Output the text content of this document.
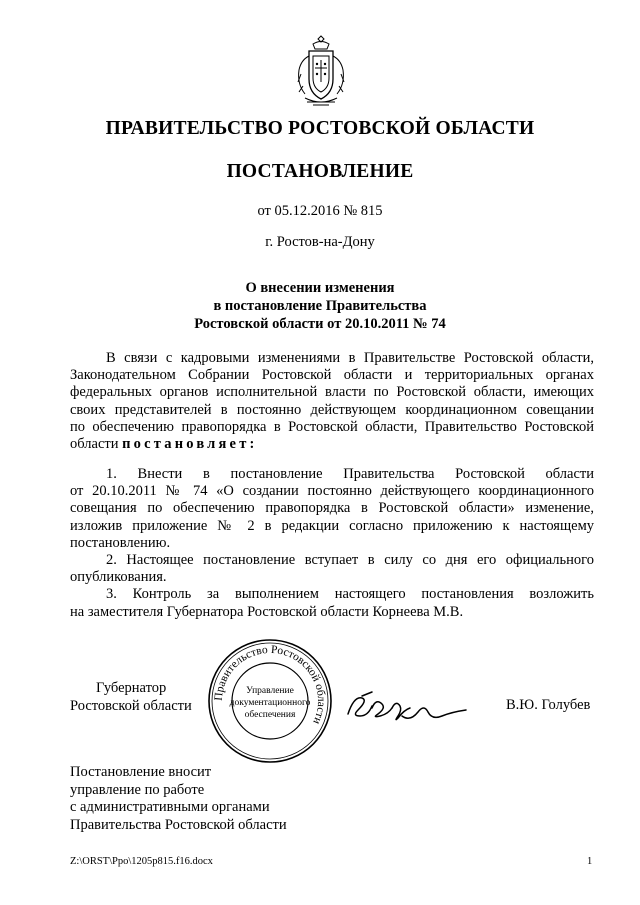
ПРАВИТЕЛЬСТВО РОСТОВСКОЙ ОБЛАСТИ
ПОСТАНОВЛЕНИЕ
от 05.12.2016 № 815
г. Ростов-на-Дону
О внесении изменения
в постановление Правительства
Ростовской области от 20.10.2011 № 74
В связи с кадровыми изменениями в Правительстве Ростовской области,
Законодательном Собрании Ростовской области и территориальных органах
федеральных органов исполнительной власти по Ростовской области, имеющих
своих представителей в постоянно действующем координационном совещании
по обеспечению правопорядка в Ростовской области, Правительство Ростовской
области постановляет:
1. Внести в постановление Правительства Ростовской области
от 20.10.2011 № 74 «О создании постоянно действующего координационного
совещания по обеспечению правопорядка в Ростовской области» изменение,
изложив приложение № 2 в редакции согласно приложению к настоящему
постановлению.
2. Настоящее постановление вступает в силу со дня его официального
опубликования.
3. Контроль за выполнением настоящего постановления возложить
на заместителя Губернатора Ростовской области Корнеева М.В.
Губернатор
Ростовской области
Правительство Ростовской области
Управление
документационного
обеспечения
В.Ю. Голубев
Постановление вносит
управление по работе
с административными органами
Правительства Ростовской области
Z:\ORST\Ppo\1205p815.f16.docx	1
